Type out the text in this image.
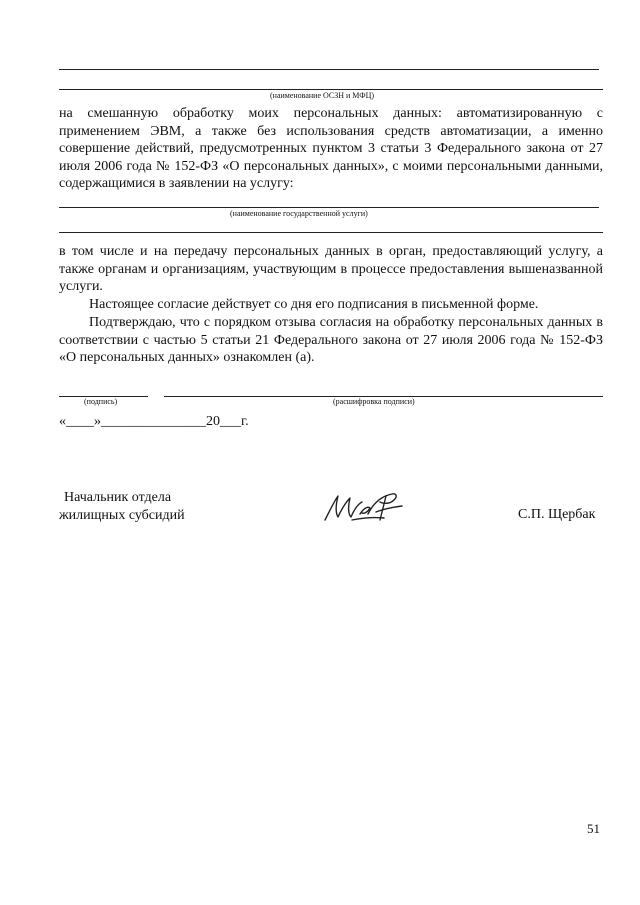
(наименование ОСЗН и МФЦ)
на смешанную обработку моих персональных данных: автоматизированную с применением ЭВМ, а также без использования средств автоматизации, а именно совершение действий, предусмотренных пунктом 3 статьи 3 Федерального закона от 27 июля 2006 года № 152-ФЗ «О персональных данных», с моими персональными данными, содержащимися в заявлении на услугу:
(наименование государственной услуги)
в том числе и на передачу персональных данных в орган, предоставляющий услугу, а также органам и организациям, участвующим в процессе предоставления вышеназванной услуги.
Настоящее согласие действует со дня его подписания в письменной форме.
Подтверждаю, что с порядком отзыва согласия на обработку персональных данных в соответствии с частью 5 статьи 21 Федерального закона от 27 июля 2006 года № 152-ФЗ «О персональных данных» ознакомлен (а).
(подпись)	(расшифровка подписи)
«____»_______________20___г.
Начальник отдела
жилищных субсидий	С.П. Щербак
51
